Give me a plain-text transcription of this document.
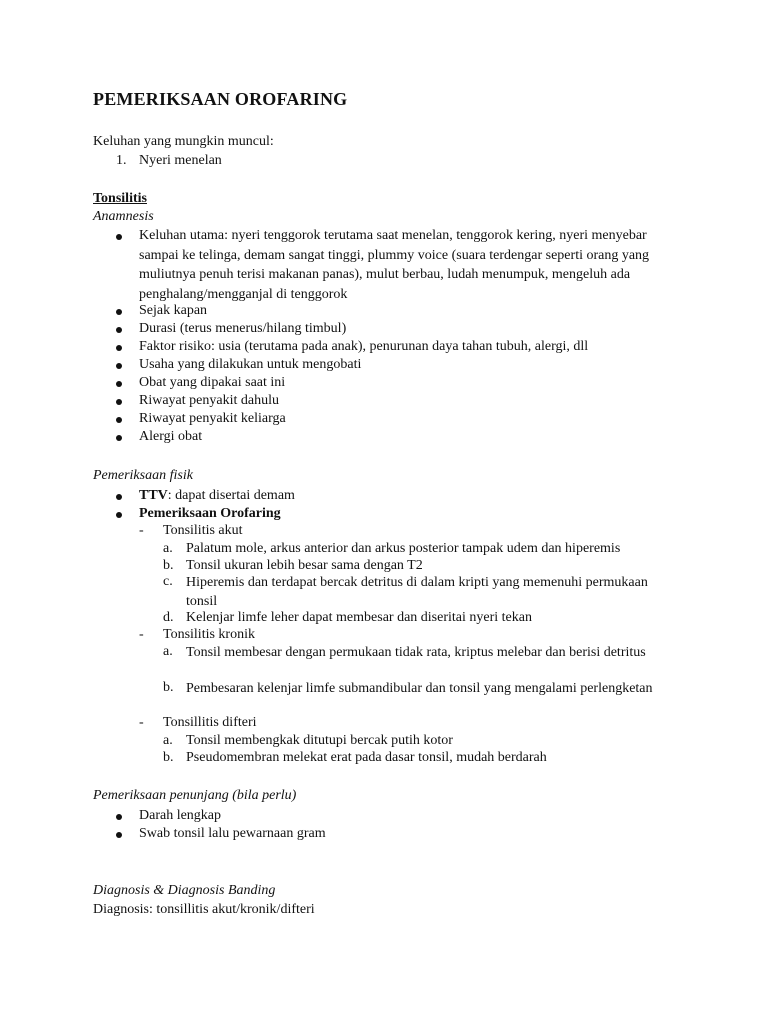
PEMERIKSAAN OROFARING
Keluhan yang mungkin muncul:
1. Nyeri menelan
Tonsilitis
Anamnesis
Keluhan utama: nyeri tenggorok terutama saat menelan, tenggorok kering, nyeri menyebar sampai ke telinga, demam sangat tinggi, plummy voice (suara terdengar seperti orang yang muliutnya penuh terisi makanan panas), mulut berbau, ludah menumpuk, mengeluh ada penghalang/mengganjal di tenggorok
Sejak kapan
Durasi (terus menerus/hilang timbul)
Faktor risiko: usia (terutama pada anak), penurunan daya tahan tubuh, alergi, dll
Usaha yang dilakukan untuk mengobati
Obat yang dipakai saat ini
Riwayat penyakit dahulu
Riwayat penyakit keliarga
Alergi obat
Pemeriksaan fisik
TTV: dapat disertai demam
Pemeriksaan Orofaring
- Tonsilitis akut
a. Palatum mole, arkus anterior dan arkus posterior tampak udem dan hiperemis
b. Tonsil ukuran lebih besar sama dengan T2
c. Hiperemis dan terdapat bercak detritus di dalam kripti yang memenuhi permukaan tonsil
d. Kelenjar limfe leher dapat membesar dan diseritai nyeri tekan
- Tonsilitis kronik
a. Tonsil membesar dengan permukaan tidak rata, kriptus melebar dan berisi detritus
b. Pembesaran kelenjar limfe submandibular dan tonsil yang mengalami perlengketan
- Tonsillitis difteri
a. Tonsil membengkak ditutupi bercak putih kotor
b. Pseudomembran melekat erat pada dasar tonsil, mudah berdarah
Pemeriksaan penunjang (bila perlu)
Darah lengkap
Swab tonsil lalu pewarnaan gram
Diagnosis & Diagnosis Banding
Diagnosis: tonsillitis akut/kronik/difteri
